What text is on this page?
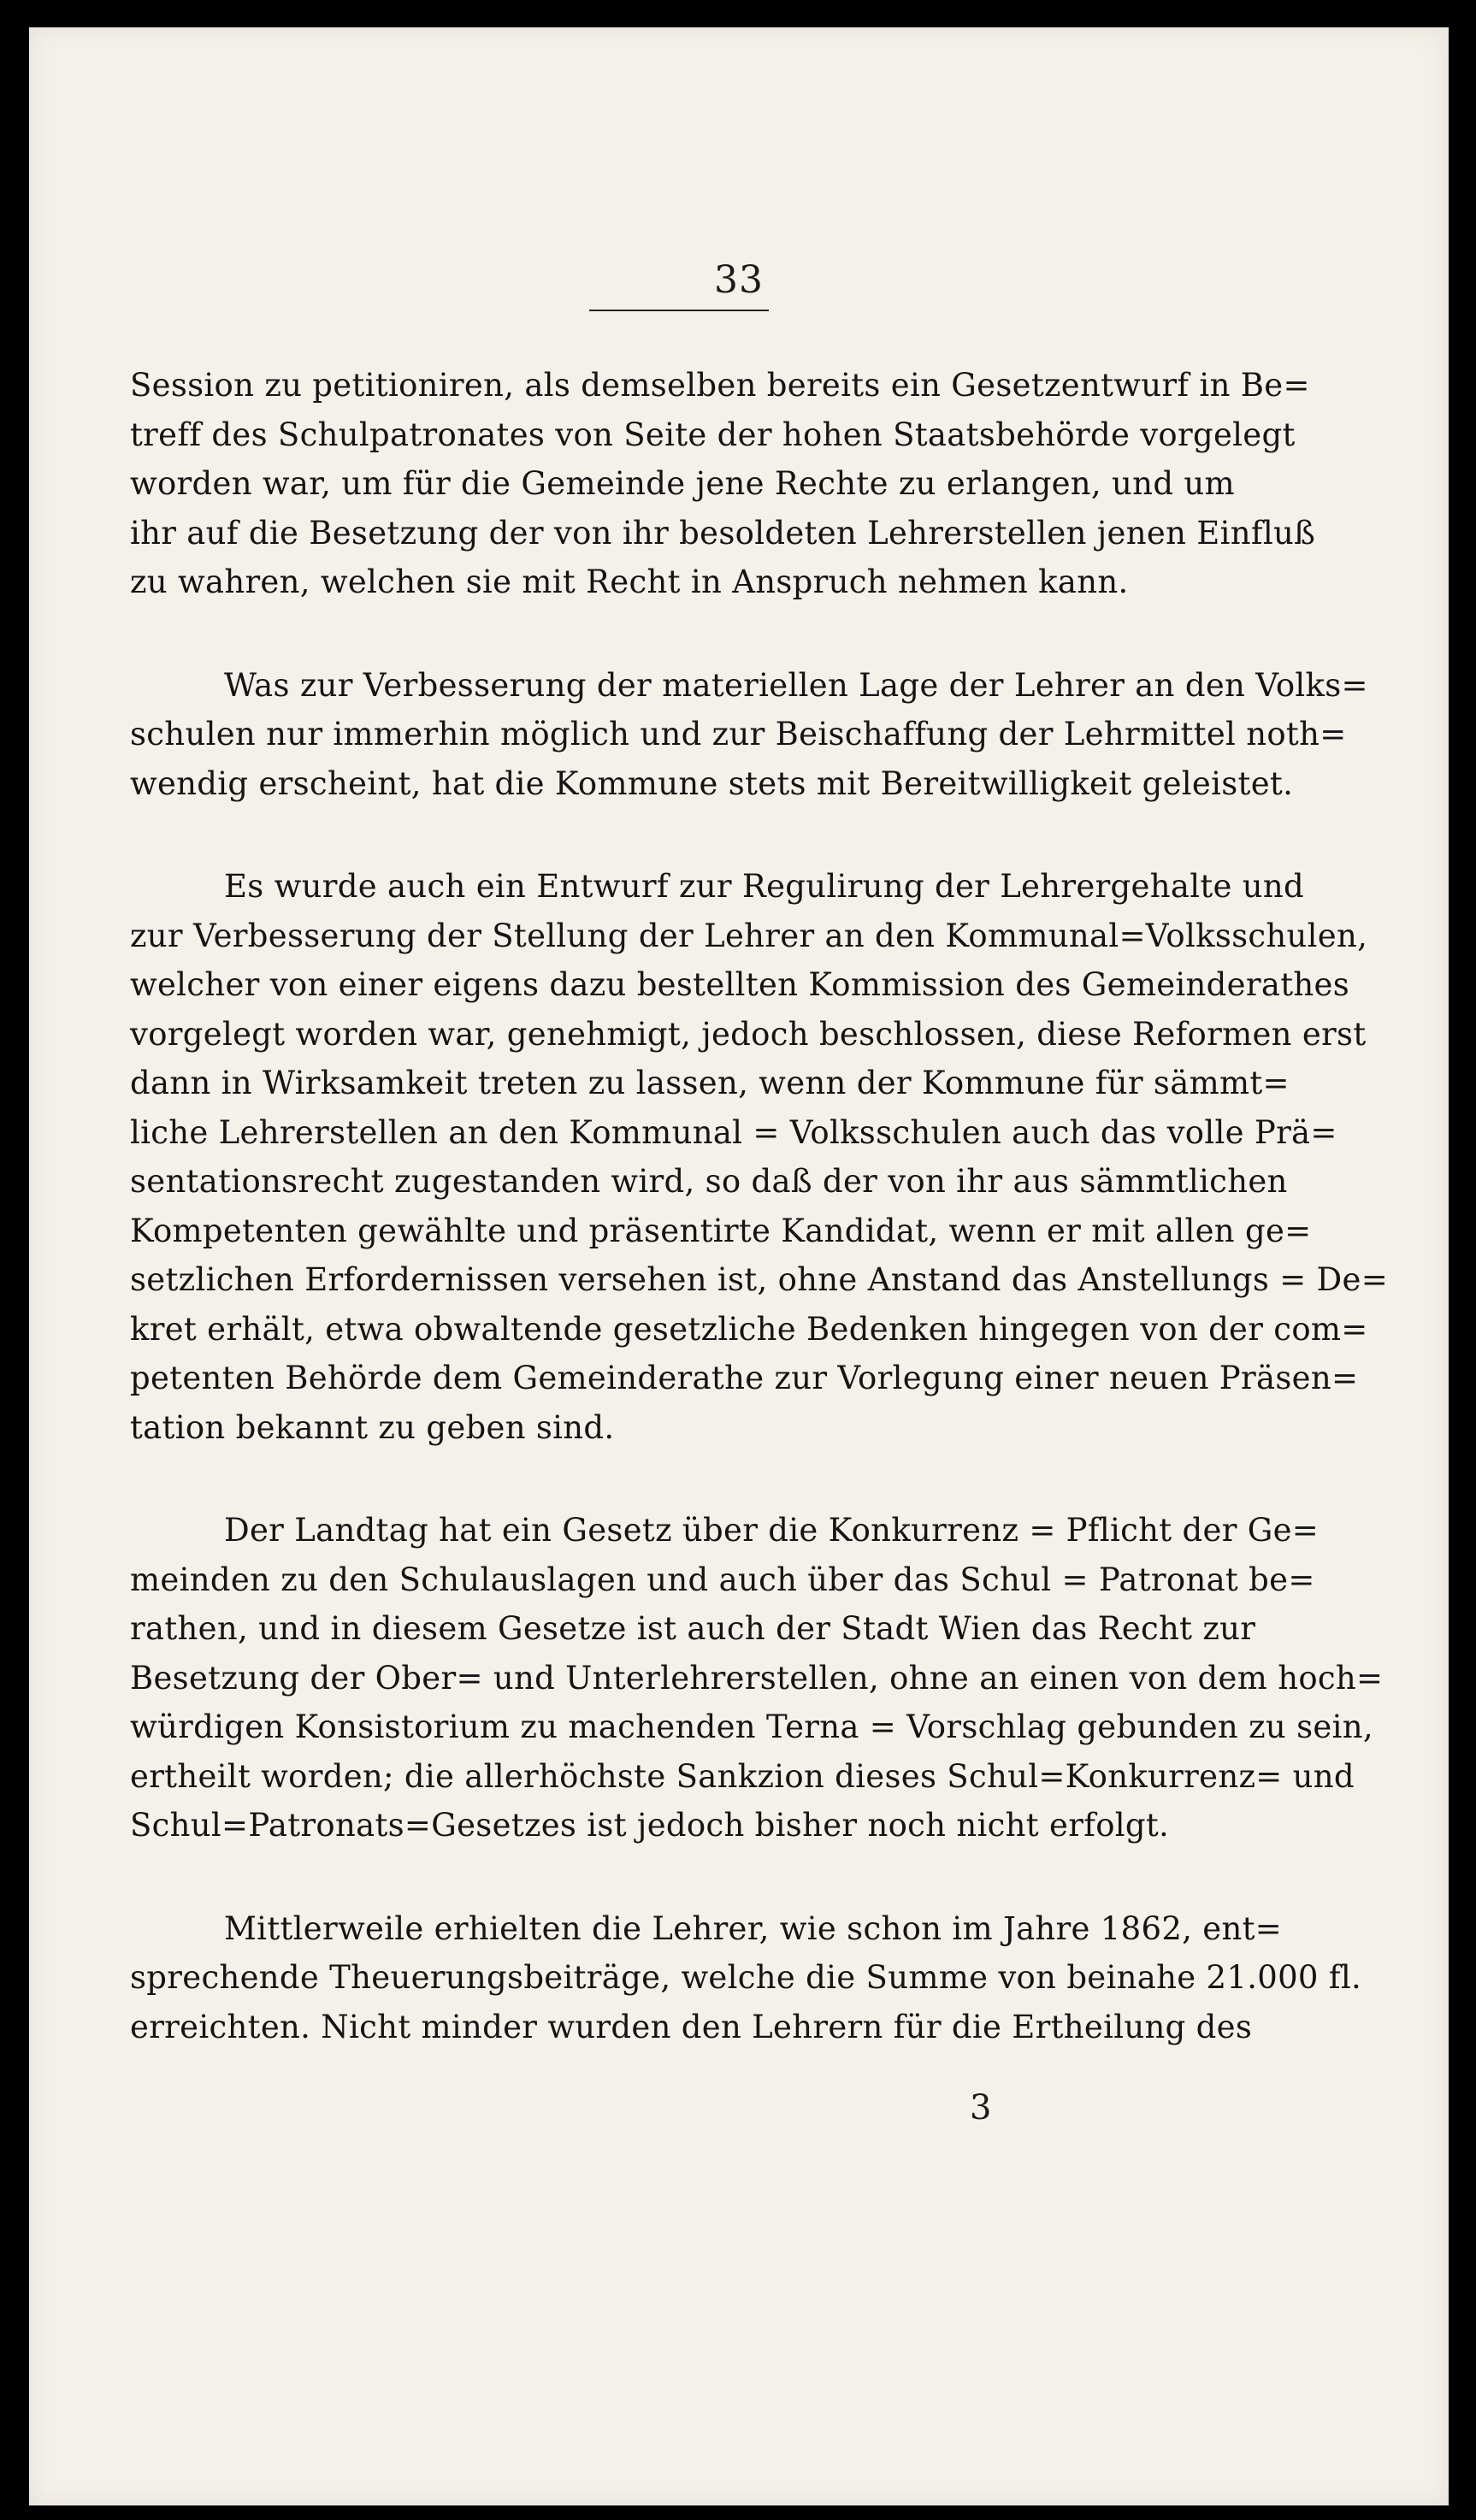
33
Session zu petitioniren, als demselben bereits ein Gesetzentwurf in Be=
treff des Schulpatronates von Seite der hohen Staatsbehörde vorgelegt
worden war, um für die Gemeinde jene Rechte zu erlangen, und um
ihr auf die Besetzung der von ihr besoldeten Lehrerstellen jenen Einfluß
zu wahren, welchen sie mit Recht in Anspruch nehmen kann.
Was zur Verbesserung der materiellen Lage der Lehrer an den Volks=
schulen nur immerhin möglich und zur Beischaffung der Lehrmittel noth=
wendig erscheint, hat die Kommune stets mit Bereitwilligkeit geleistet.
Es wurde auch ein Entwurf zur Regulirung der Lehrergehalte und
zur Verbesserung der Stellung der Lehrer an den Kommunal=Volksschulen,
welcher von einer eigens dazu bestellten Kommission des Gemeinderathes
vorgelegt worden war, genehmigt, jedoch beschlossen, diese Reformen erst
dann in Wirksamkeit treten zu lassen, wenn der Kommune für sämmt=
liche Lehrerstellen an den Kommunal = Volksschulen auch das volle Prä=
sentationsrecht zugestanden wird, so daß der von ihr aus sämmtlichen
Kompetenten gewählte und präsentirte Kandidat, wenn er mit allen ge=
setzlichen Erfordernissen versehen ist, ohne Anstand das Anstellungs = De=
kret erhält, etwa obwaltende gesetzliche Bedenken hingegen von der com=
petenten Behörde dem Gemeinderathe zur Vorlegung einer neuen Präsen=
tation bekannt zu geben sind.
Der Landtag hat ein Gesetz über die Konkurrenz = Pflicht der Ge=
meinden zu den Schulauslagen und auch über das Schul = Patronat be=
rathen, und in diesem Gesetze ist auch der Stadt Wien das Recht zur
Besetzung der Ober= und Unterlehrerstellen, ohne an einen von dem hoch=
würdigen Konsistorium zu machenden Terna = Vorschlag gebunden zu sein,
ertheilt worden; die allerhöchste Sankzion dieses Schul=Konkurrenz= und
Schul=Patronats=Gesetzes ist jedoch bisher noch nicht erfolgt.
Mittlerweile erhielten die Lehrer, wie schon im Jahre 1862, ent=
sprechende Theuerungsbeiträge, welche die Summe von beinahe 21.000 fl.
erreichten. Nicht minder wurden den Lehrern für die Ertheilung des
3
